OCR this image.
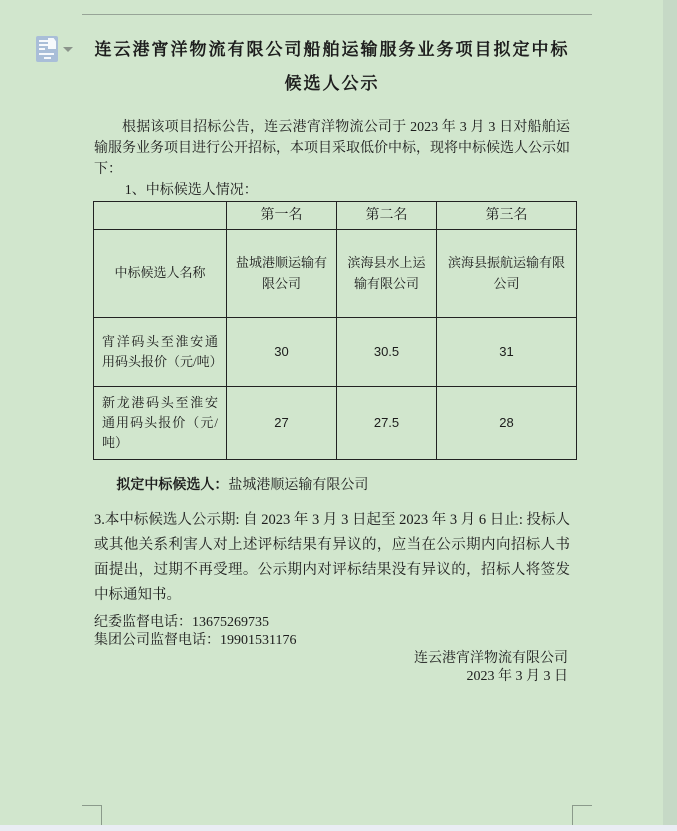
连云港宵洋物流有限公司船舶运输服务业务项目拟定中标
候选人公示
根据该项目招标公告，连云港宵洋物流公司于 2023 年 3 月 3 日对船舶运输服务业务项目进行公开招标，本项目采取低价中标，现将中标候选人公示如下：
1、中标候选人情况：
	第一名	第二名	第三名
中标候选人名称	盐城港顺运输有限公司	滨海县水上运输有限公司	滨海县振航运输有限公司
宵洋码头至淮安通用码头报价（元/吨）	30	30.5	31
新龙港码头至淮安通用码头报价（元/吨）	27	27.5	28
拟定中标候选人：盐城港顺运输有限公司
3.本中标候选人公示期: 自 2023 年 3 月 3 日起至 2023 年 3 月 6 日止: 投标人或其他关系利害人对上述评标结果有异议的，应当在公示期内向招标人书面提出，过期不再受理。公示期内对评标结果没有异议的，招标人将签发中标通知书。
纪委监督电话：13675269735
集团公司监督电话：19901531176
连云港宵洋物流有限公司
2023 年 3 月 3 日
